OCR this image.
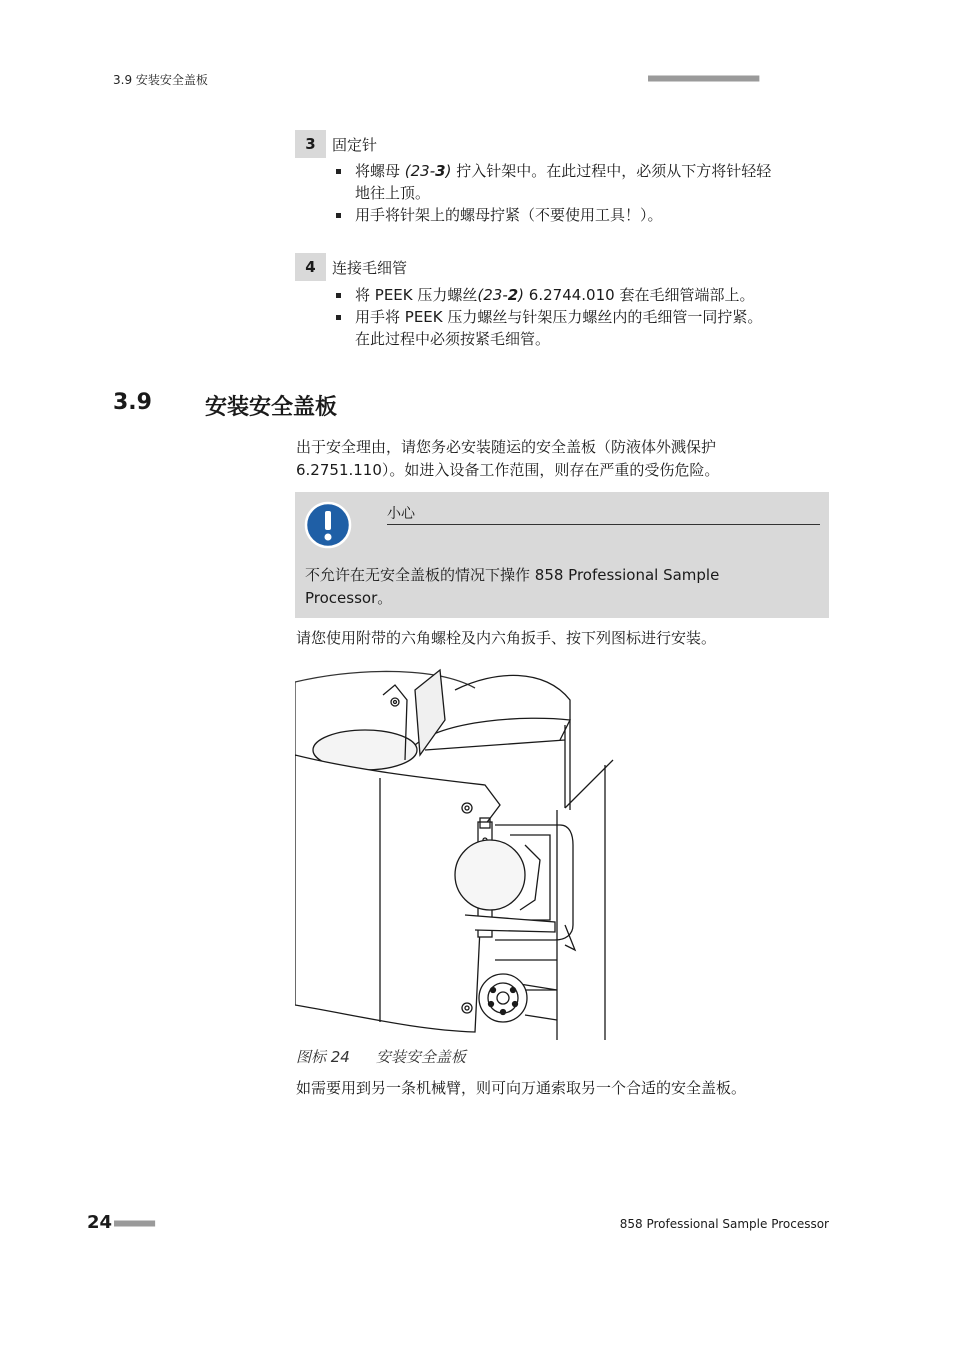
3.9 安装安全盖板	■■■■■■■■■■■■■■■■■■■■■■
3	固定针
将螺母 (23-3) 拧入针架中。在此过程中，必须从下方将针轻轻
地往上顶。
用手将针架上的螺母拧紧（不要使用工具！）。
4	连接毛细管
将 PEEK 压力螺丝(23-2) 6.2744.010 套在毛细管端部上。
用手将 PEEK 压力螺丝与针架压力螺丝内的毛细管一同拧紧。
在此过程中必须按紧毛细管。
3.9 安装安全盖板
出于安全理由，请您务必安装随运的安全盖板（防液体外溅保护
6.2751.110）。如进入设备工作范围，则存在严重的受伤危险。
小心
不允许在无安全盖板的情况下操作 858 Professional Sample
Processor。
请您使用附带的六角螺栓及内六角扳手、按下列图标进行安装。
图标 24 安装安全盖板
如需要用到另一条机械臂，则可向万通索取另一个合适的安全盖板。
24 ■■■■■■■■	858 Professional Sample Processor
